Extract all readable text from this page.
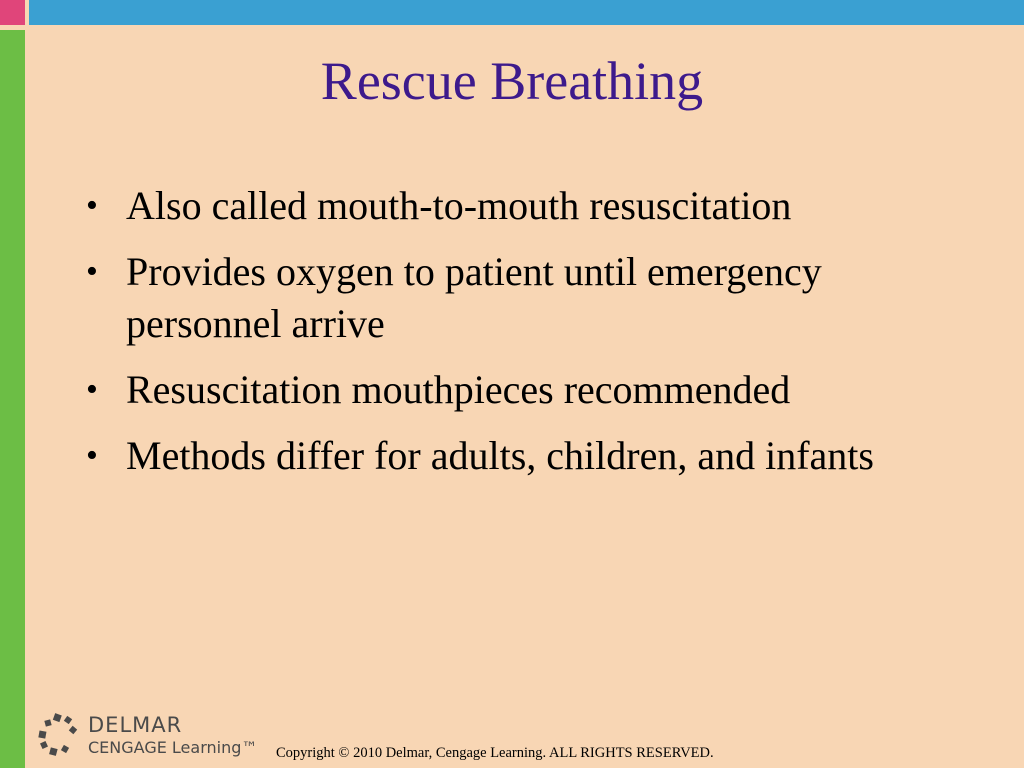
Rescue Breathing
• Also called mouth-to-mouth resuscitation
• Provides oxygen to patient until emergency personnel arrive
• Resuscitation mouthpieces recommended
• Methods differ for adults, children, and infants
DELMAR
CENGAGE Learning™ Copyright © 2010 Delmar, Cengage Learning. ALL RIGHTS RESERVED.
